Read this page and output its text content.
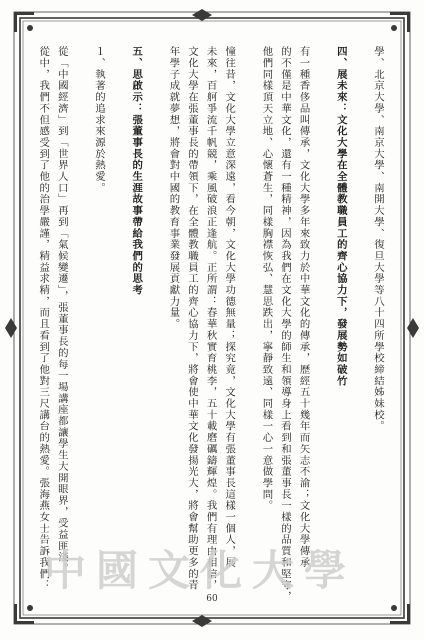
學、北京大學、南京大學、南開大學、復旦大學等八十四所學校締結姊妹校。
四、展未來：文化大學在全體教職員工的齊心協力下，發展勢如破竹
有一種香侈品叫傳承，文化大學多年來致力於中華文化的傳承，歷經五十幾年而矢志不渝；文化大學傳承
的不僅是中華文化，還有一種精神，因為我們在文化大學的師生和領導身上看到和張董事長一樣的品質和堅守，
他們同樣頂天立地、心懷蒼生，同樣胸襟恢弘、慧思跌出，寧靜致遠、同樣一心一意做學問。
憧往昔，文化大學立意深遠，看今朝，文化大學功德無量；探究竟，文化大學有張董事長這樣一個人，展
未來，百舸爭流千帆競，乘風破浪正逢航。正所謂：春華秋實育桃李，五十載磨礪鑄輝煌。我們有理由相信，
文化大學在張董事長的帶領下，在全體教職員工的齊心協力下，將會使中華文化發揚光大，將會幫助更多的青
年學子成就夢想，將會對中國的教育事業發展貢獻力量。
五、思啟示：張董事長的生涯故事帶給我們的思考
１、執著的追求來源於熱愛。
從「中國經濟」到「世界人口」再到「氣候變遷」，張董事長的每一場講座都讓學生大開眼界，受益匪淺。
從中，我們不但感受到了他的治學嚴謹，精益求精，而且看到了他對三尺講台的熱愛。張海燕女士告訴我們：
中國文化大學
60
